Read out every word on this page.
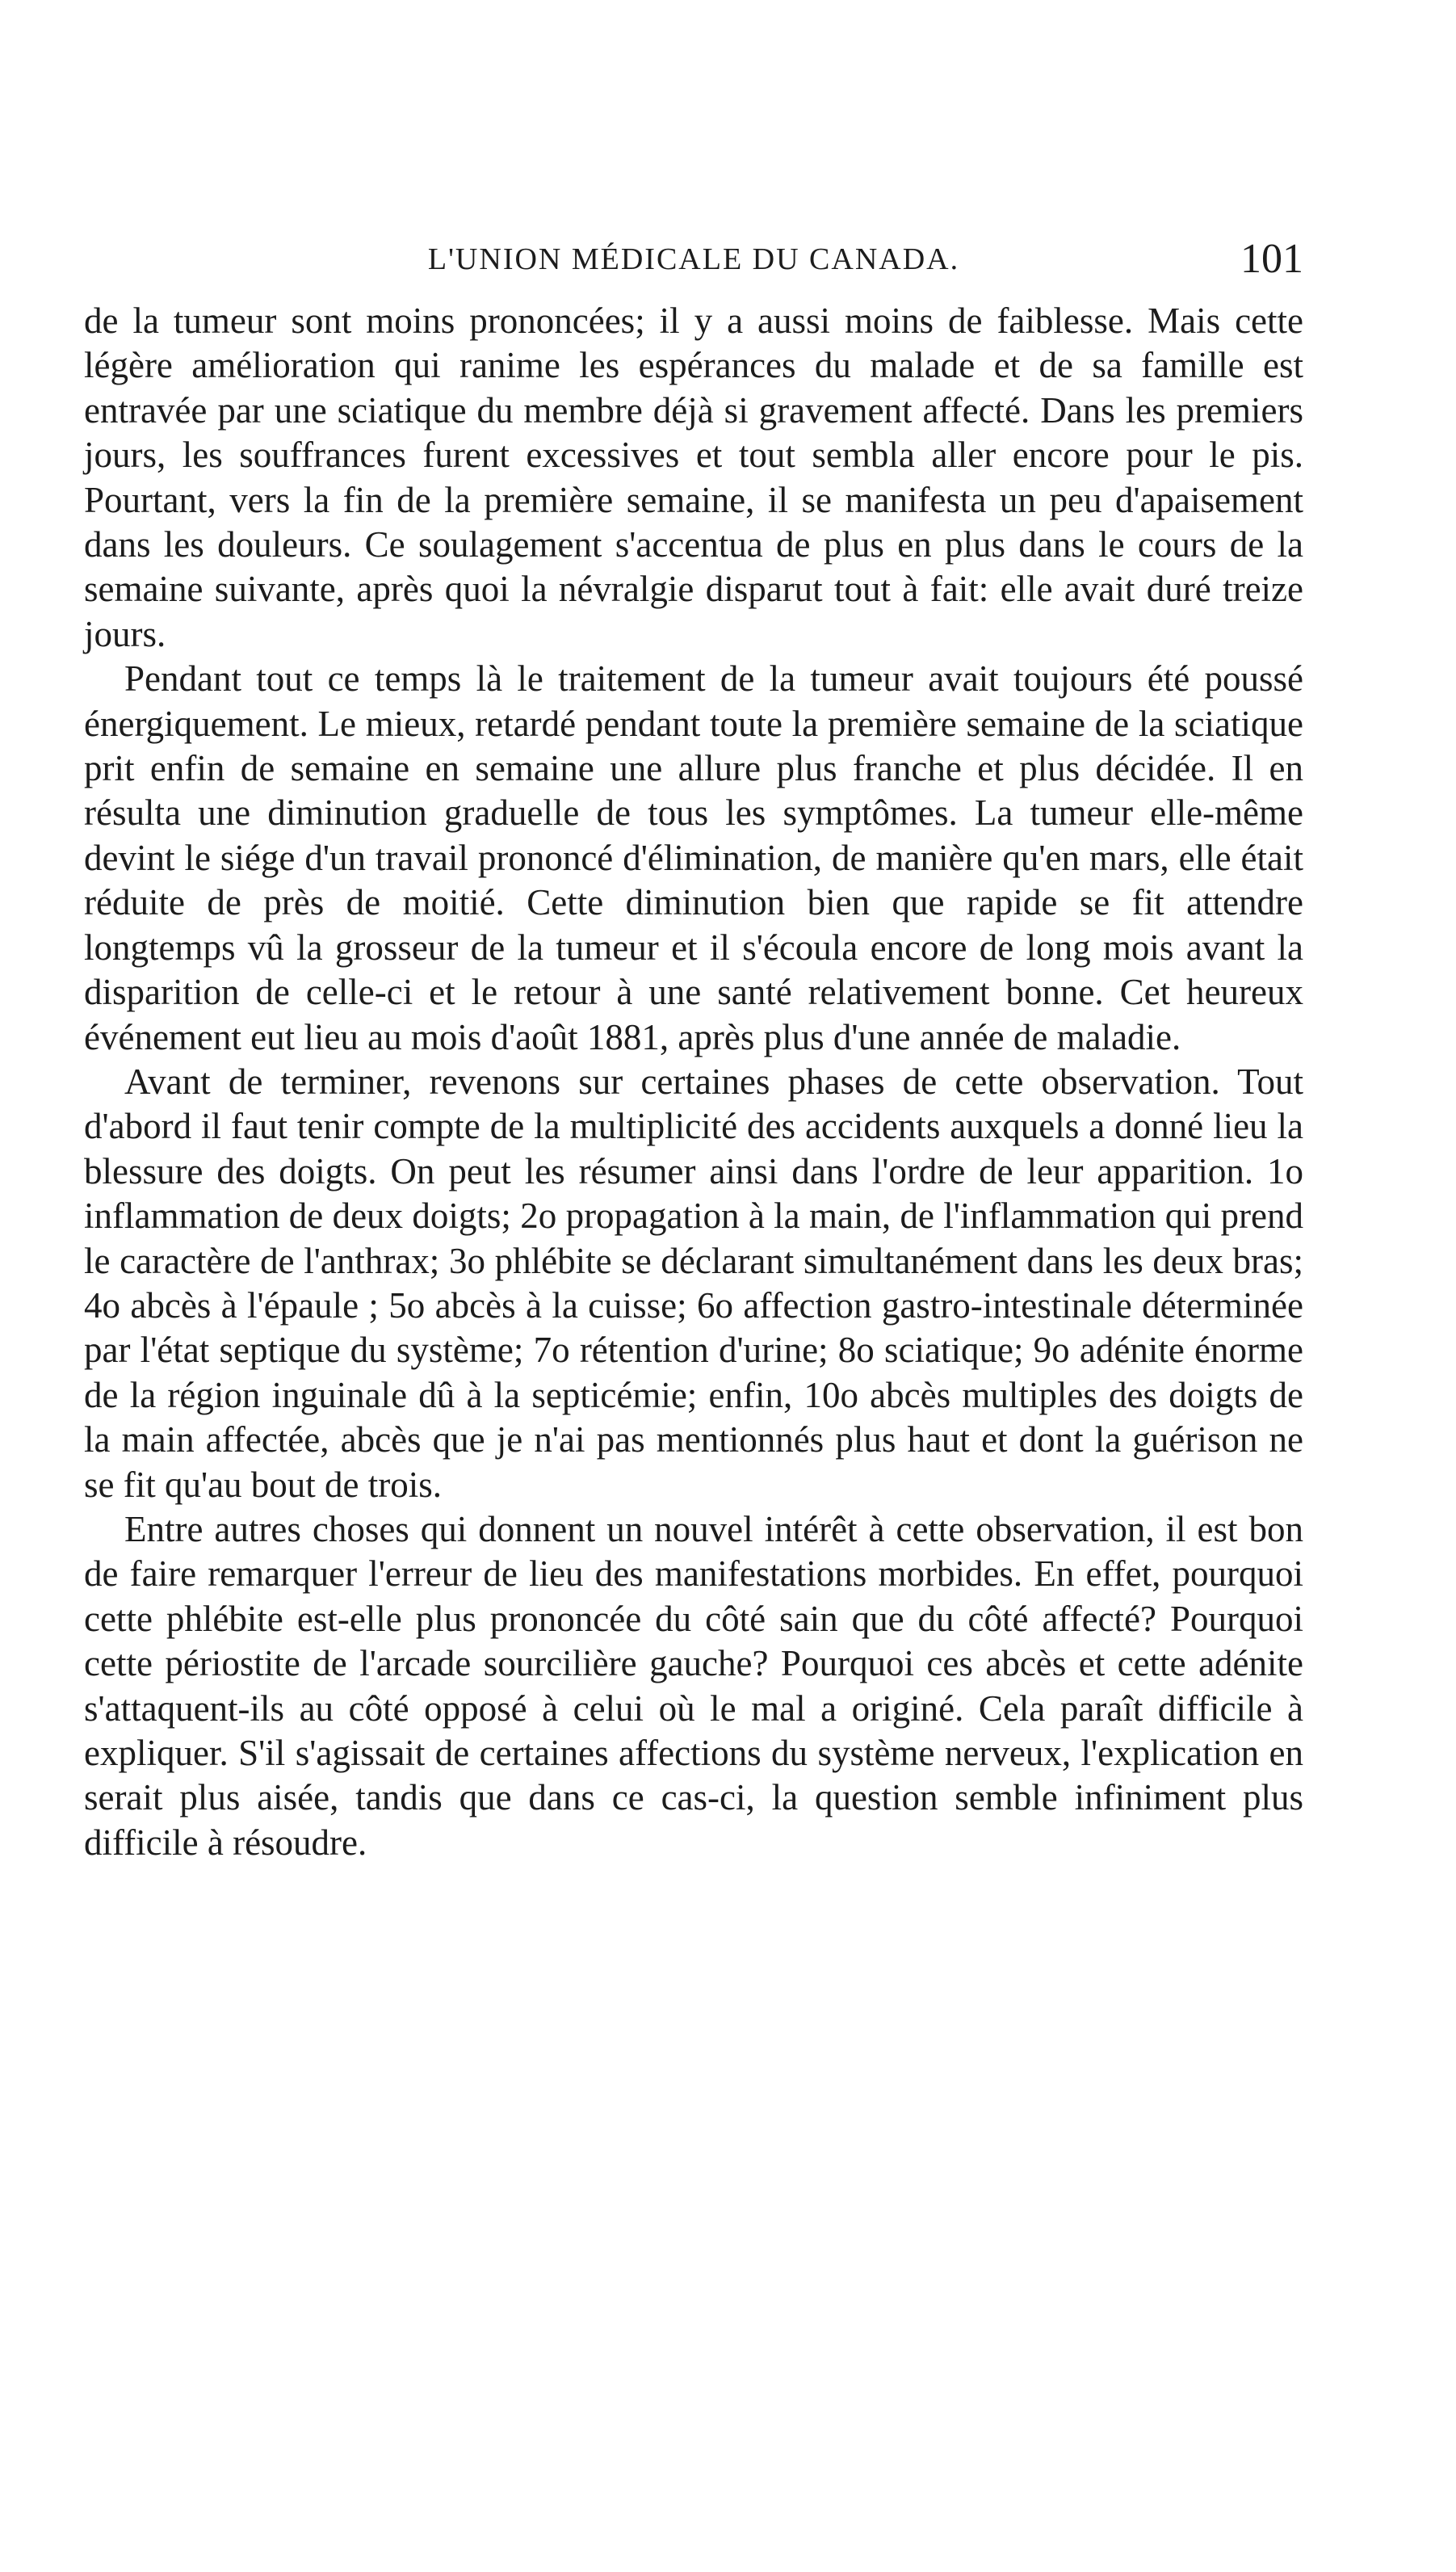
L'UNION MÉDICALE DU CANADA.	101

de la tumeur sont moins prononcées; il y a aussi moins de faiblesse. Mais cette légère amélioration qui ranime les espérances du malade et de sa famille est entravée par une sciatique du membre déjà si gravement affecté. Dans les premiers jours, les souffrances furent excessives et tout sembla aller encore pour le pis. Pourtant, vers la fin de la première semaine, il se manifesta un peu d'apaisement dans les douleurs. Ce soulagement s'accentua de plus en plus dans le cours de la semaine suivante, après quoi la névralgie disparut tout à fait: elle avait duré treize jours.

Pendant tout ce temps là le traitement de la tumeur avait toujours été poussé énergiquement. Le mieux, retardé pendant toute la première semaine de la sciatique prit enfin de semaine en semaine une allure plus franche et plus décidée. Il en résulta une diminution graduelle de tous les symptômes. La tumeur elle-même devint le siége d'un travail prononcé d'élimination, de manière qu'en mars, elle était réduite de près de moitié. Cette diminution bien que rapide se fit attendre longtemps vû la grosseur de la tumeur et il s'écoula encore de long mois avant la disparition de celle-ci et le retour à une santé relativement bonne. Cet heureux événement eut lieu au mois d'août 1881, après plus d'une année de maladie.

Avant de terminer, revenons sur certaines phases de cette observation. Tout d'abord il faut tenir compte de la multiplicité des accidents auxquels a donné lieu la blessure des doigts. On peut les résumer ainsi dans l'ordre de leur apparition. 1o inflammation de deux doigts; 2o propagation à la main, de l'inflammation qui prend le caractère de l'anthrax; 3o phlébite se déclarant simultanément dans les deux bras; 4o abcès à l'épaule ; 5o abcès à la cuisse; 6o affection gastro-intestinale déterminée par l'état septique du système; 7o rétention d'urine; 8o sciatique; 9o adénite énorme de la région inguinale dû à la septicémie; enfin, 10o abcès multiples des doigts de la main affectée, abcès que je n'ai pas mentionnés plus haut et dont la guérison ne se fit qu'au bout de trois.

Entre autres choses qui donnent un nouvel intérêt à cette observation, il est bon de faire remarquer l'erreur de lieu des manifestations morbides. En effet, pourquoi cette phlébite est-elle plus prononcée du côté sain que du côté affecté? Pourquoi cette périostite de l'arcade sourcilière gauche? Pourquoi ces abcès et cette adénite s'attaquent-ils au côté opposé à celui où le mal a originé. Cela paraît difficile à expliquer. S'il s'agissait de certaines affections du système nerveux, l'explication en serait plus aisée, tandis que dans ce cas-ci, la question semble infiniment plus difficile à résoudre.
